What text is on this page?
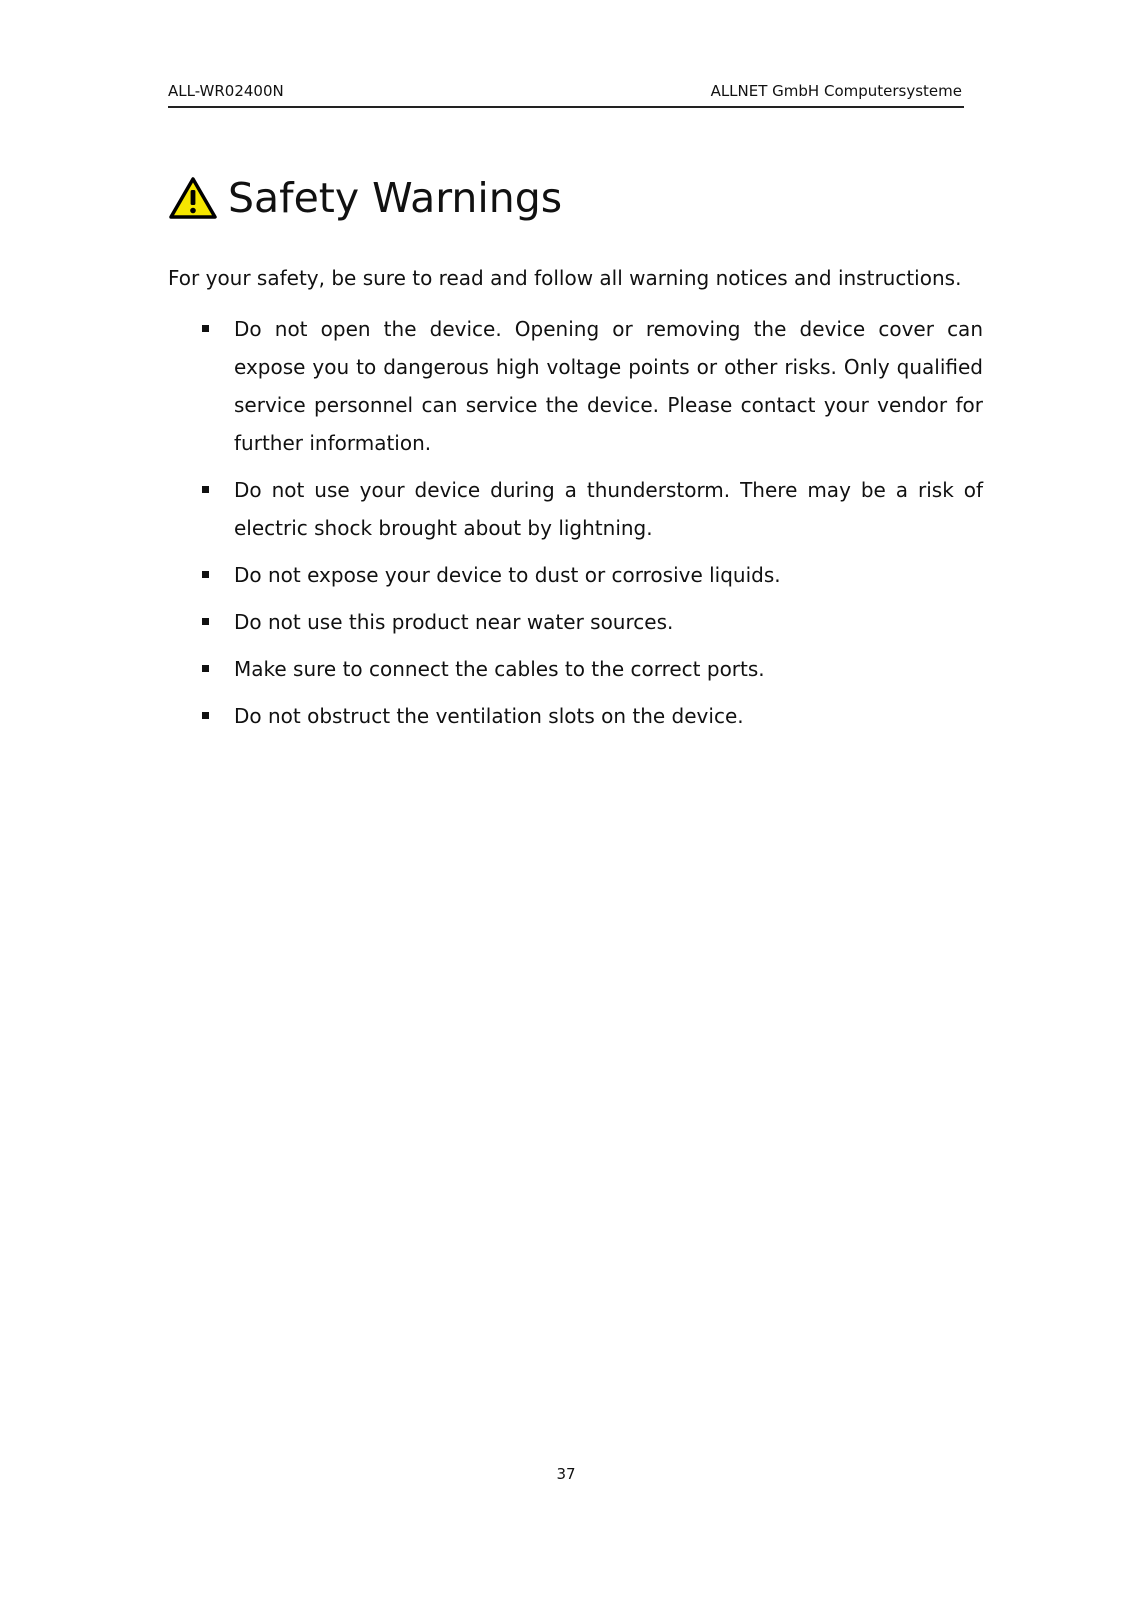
ALL-WR02400N	ALLNET GmbH Computersysteme
Safety Warnings

For your safety, be sure to read and follow all warning notices and instructions.

Do not open the device. Opening or removing the device cover can expose you to dangerous high voltage points or other risks. Only qualified service personnel can service the device. Please contact your vendor for further information.
Do not use your device during a thunderstorm. There may be a risk of electric shock brought about by lightning.
Do not expose your device to dust or corrosive liquids.
Do not use this product near water sources.
Make sure to connect the cables to the correct ports.
Do not obstruct the ventilation slots on the device.
37
